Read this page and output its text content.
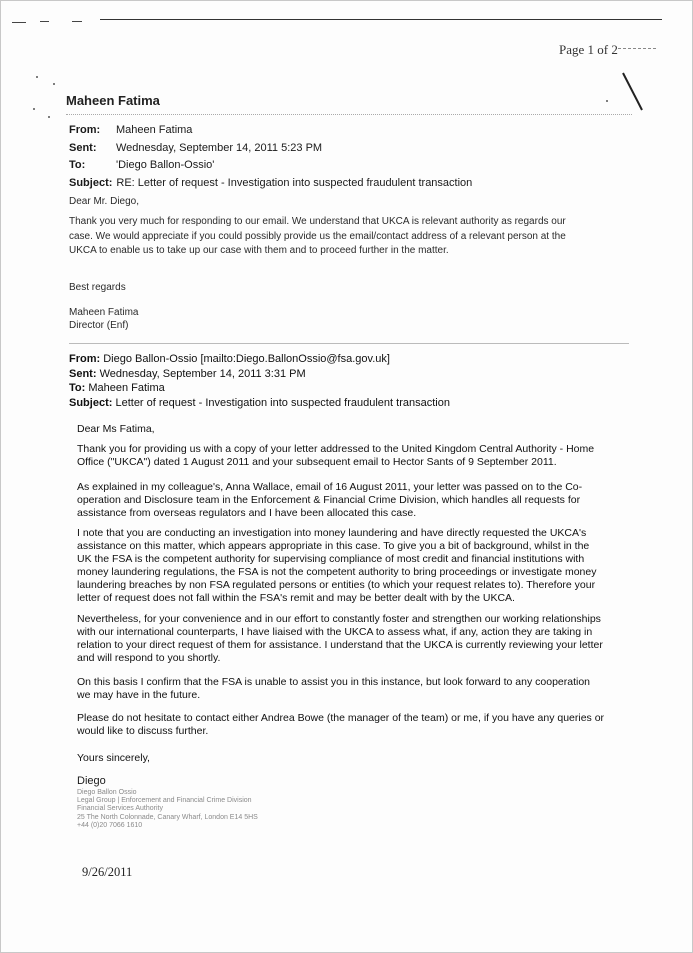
Page 1 of 2
Maheen Fatima
From:	Maheen Fatima
Sent:	Wednesday, September 14, 2011 5:23 PM
To:	'Diego Ballon-Ossio'
Subject: RE: Letter of request - Investigation into suspected fraudulent transaction
Dear Mr. Diego,
Thank you very much for responding to our email. We understand that UKCA is relevant authority as regards our
case. We would appreciate if you could possibly provide us the email/contact address of a relevant person at the
UKCA to enable us to take up our case with them and to proceed further in the matter.
Best regards
Maheen Fatima
Director (Enf)
From: Diego Ballon-Ossio [mailto:Diego.BallonOssio@fsa.gov.uk]
Sent: Wednesday, September 14, 2011 3:31 PM
To: Maheen Fatima
Subject: Letter of request - Investigation into suspected fraudulent transaction
Dear Ms Fatima,
Thank you for providing us with a copy of your letter addressed to the United Kingdom Central Authority - Home
Office ("UKCA") dated 1 August 2011 and your subsequent email to Hector Sants of 9 September 2011.
As explained in my colleague's, Anna Wallace, email of 16 August 2011, your letter was passed on to the Co-
operation and Disclosure team in the Enforcement & Financial Crime Division, which handles all requests for
assistance from overseas regulators and I have been allocated this case.
I note that you are conducting an investigation into money laundering and have directly requested the UKCA's
assistance on this matter, which appears appropriate in this case. To give you a bit of background, whilst in the
UK the FSA is the competent authority for supervising compliance of most credit and financial institutions with
money laundering regulations, the FSA is not the competent authority to bring proceedings or investigate money
laundering breaches by non FSA regulated persons or entities (to which your request relates to). Therefore your
letter of request does not fall within the FSA's remit and may be better dealt with by the UKCA.
Nevertheless, for your convenience and in our effort to constantly foster and strengthen our working relationships
with our international counterparts, I have liaised with the UKCA to assess what, if any, action they are taking in
relation to your direct request of them for assistance. I understand that the UKCA is currently reviewing your letter
and will respond to you shortly.
On this basis I confirm that the FSA is unable to assist you in this instance, but look forward to any cooperation
we may have in the future.
Please do not hesitate to contact either Andrea Bowe (the manager of the team) or me, if you have any queries or
would like to discuss further.
Yours sincerely,
Diego
Diego Ballon Ossio
Legal Group | Enforcement and Financial Crime Division
Financial Services Authority
25 The North Colonnade, Canary Wharf, London E14 5HS
+44 (0)20 7066 1610
9/26/2011
